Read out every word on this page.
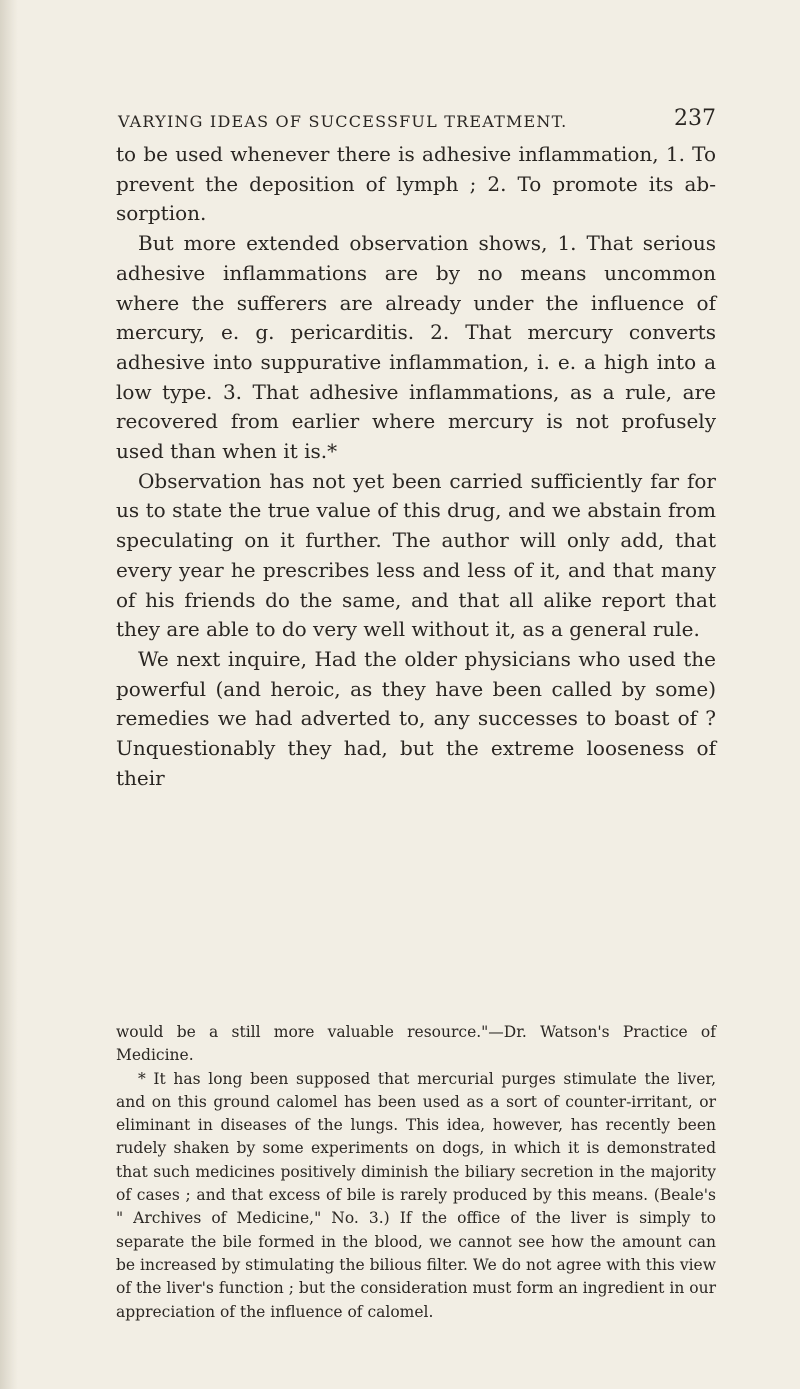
VARYING IDEAS OF SUCCESSFUL TREATMENT.	237

to be used whenever there is adhesive inflammation, 1. To prevent the deposition of lymph ; 2. To promote its absorption.

But more extended observation shows, 1. That serious adhesive inflammations are by no means uncommon where the sufferers are already under the influence of mercury, e. g. pericarditis. 2. That mercury converts adhesive into suppurative inflammation, i. e. a high into a low type. 3. That adhesive inflammations, as a rule, are recovered from earlier where mercury is not profusely used than when it is.*

Observation has not yet been carried sufficiently far for us to state the true value of this drug, and we abstain from speculating on it further. The author will only add, that every year he prescribes less and less of it, and that many of his friends do the same, and that all alike report that they are able to do very well without it, as a general rule.

We next inquire, Had the older physicians who used the powerful (and heroic, as they have been called by some) remedies we had adverted to, any successes to boast of ? Unquestionably they had, but the extreme looseness of their

would be a still more valuable resource."—Dr. Watson's Practice of Medicine.

* It has long been supposed that mercurial purges stimulate the liver, and on this ground calomel has been used as a sort of counter-irritant, or eliminant in diseases of the lungs. This idea, however, has recently been rudely shaken by some experiments on dogs, in which it is demonstrated that such medicines positively diminish the biliary secretion in the majority of cases ; and that excess of bile is rarely produced by this means. (Beale's " Archives of Medicine," No. 3.) If the office of the liver is simply to separate the bile formed in the blood, we cannot see how the amount can be increased by stimulating the bilious filter. We do not agree with this view of the liver's function ; but the consideration must form an ingredient in our appreciation of the influence of calomel.
